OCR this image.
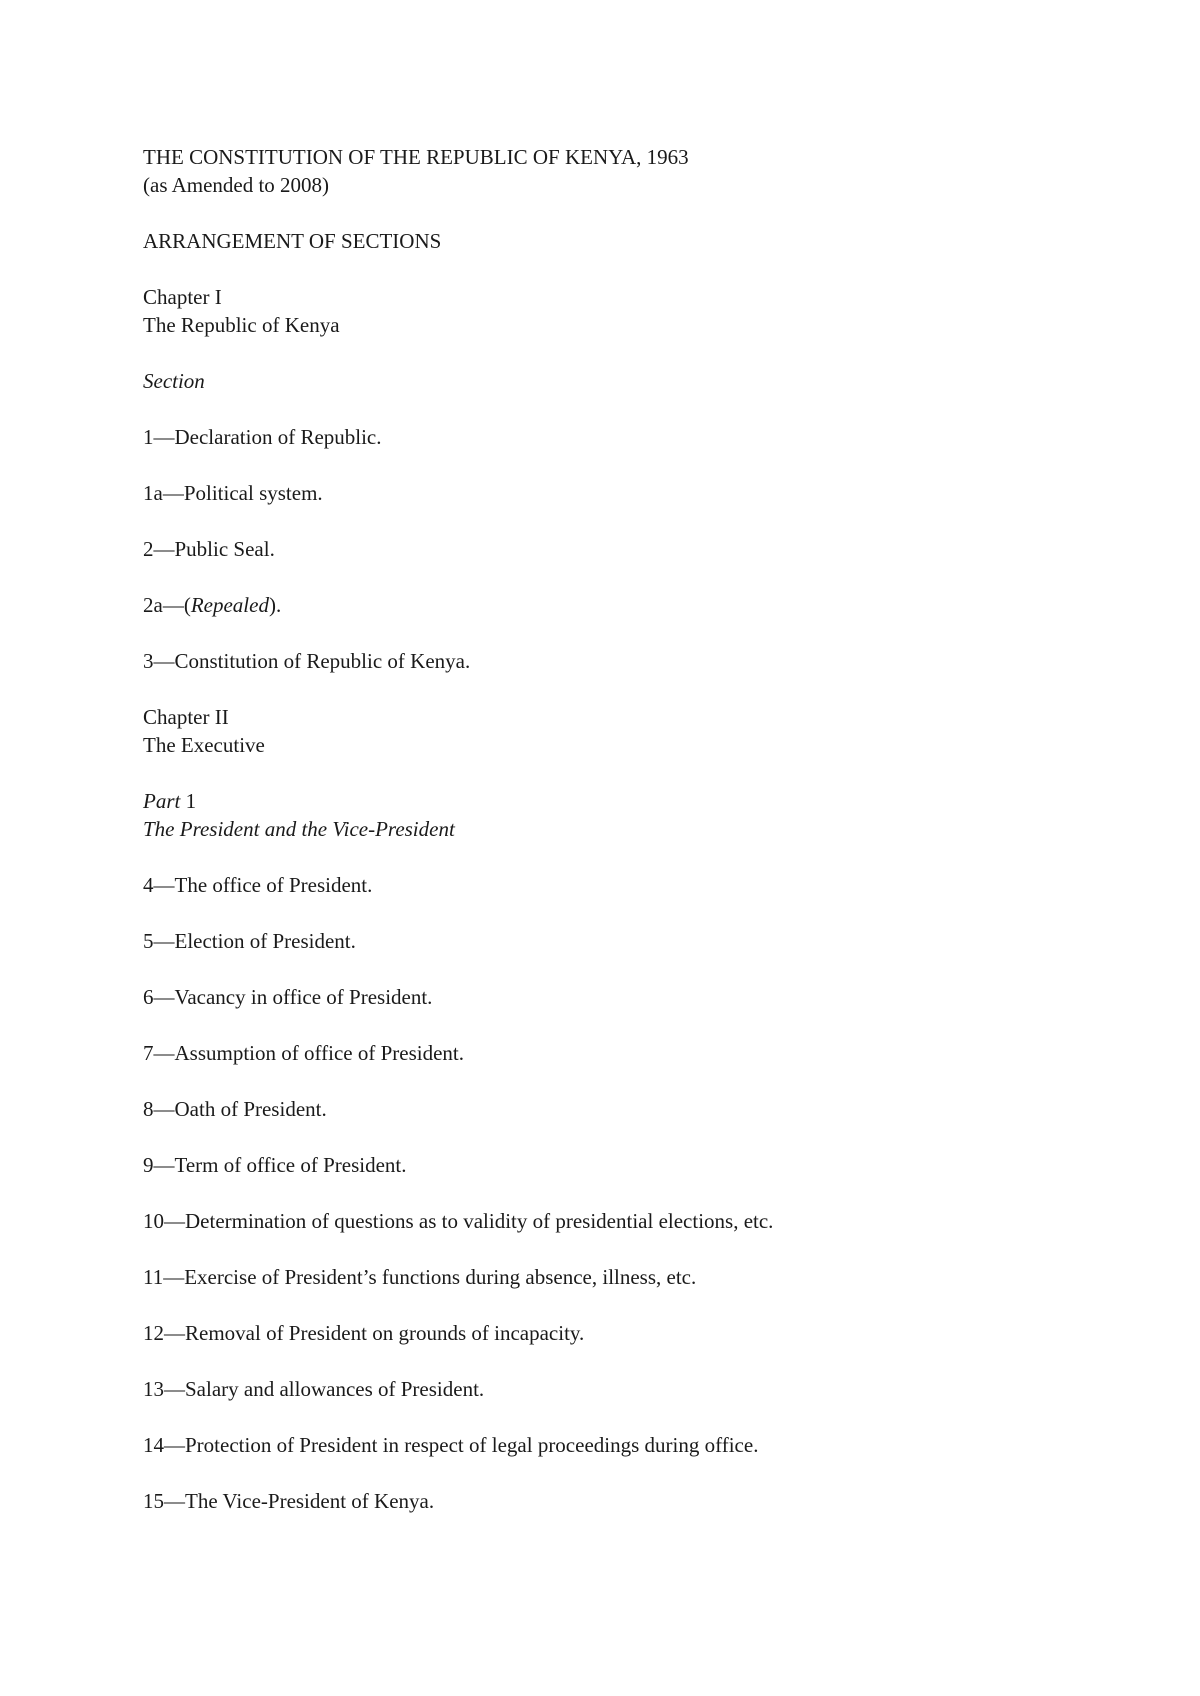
THE CONSTITUTION OF THE REPUBLIC OF KENYA, 1963
(as Amended to 2008)
ARRANGEMENT OF SECTIONS
Chapter I
The Republic of Kenya
Section
1—Declaration of Republic.
1a—Political system.
2—Public Seal.
2a—(Repealed).
3—Constitution of Republic of Kenya.
Chapter II
The Executive
Part 1
The President and the Vice-President
4—The office of President.
5—Election of President.
6—Vacancy in office of President.
7—Assumption of office of President.
8—Oath of President.
9—Term of office of President.
10—Determination of questions as to validity of presidential elections, etc.
11—Exercise of President’s functions during absence, illness, etc.
12—Removal of President on grounds of incapacity.
13—Salary and allowances of President.
14—Protection of President in respect of legal proceedings during office.
15—The Vice-President of Kenya.
